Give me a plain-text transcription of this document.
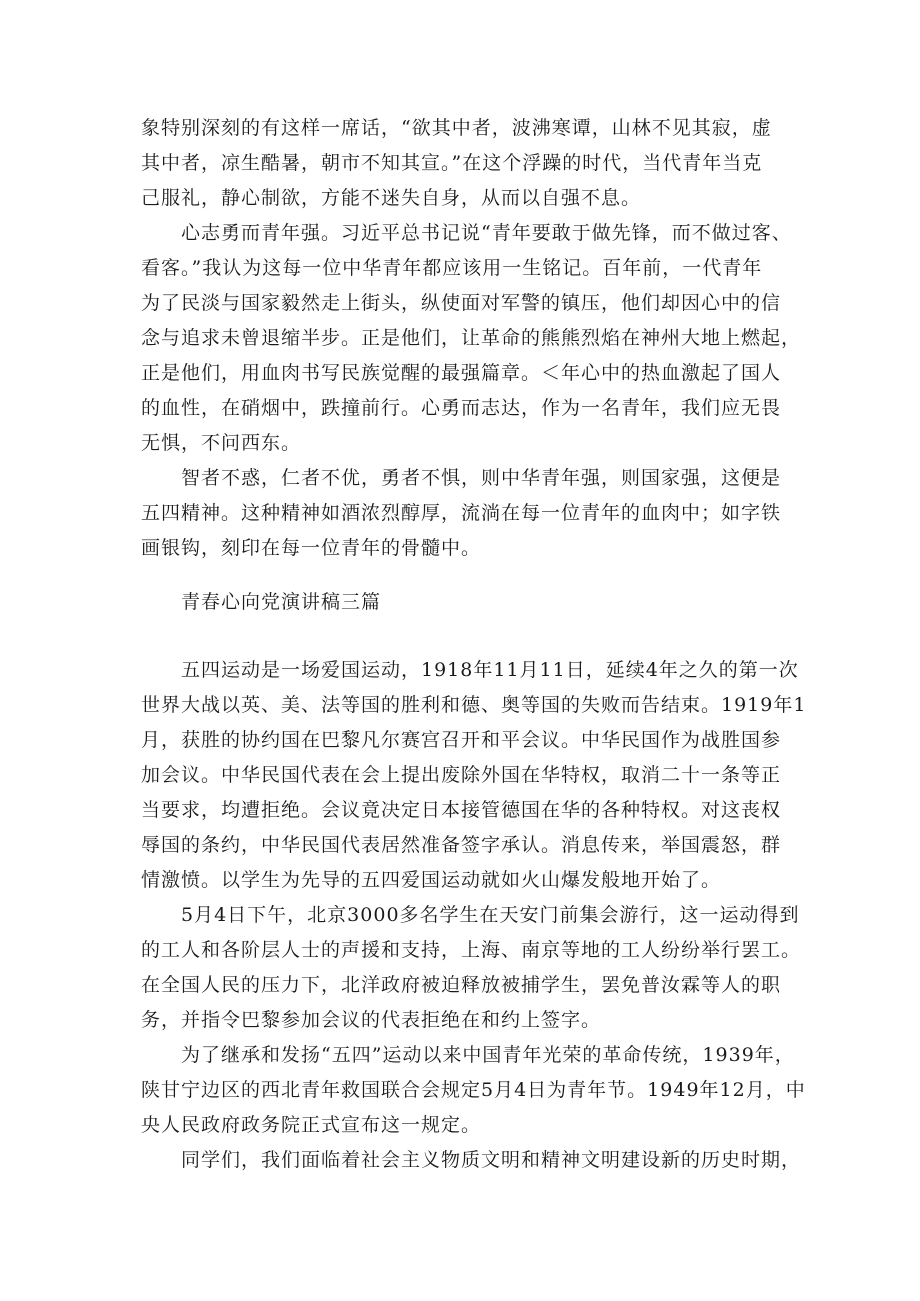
象特别深刻的有这样一席话，“欲其中者，波沸寒谭，山林不见其寂，虚

其中者，凉生酷暑，朝市不知其宣。”在这个浮躁的时代，当代青年当克

己服礼，静心制欲，方能不迷失自身，从而以自强不息。

　　心志勇而青年强。习近平总书记说“青年要敢于做先锋，而不做过客、

看客。”我认为这每一位中华青年都应该用一生铭记。百年前，一代青年

为了民淡与国家毅然走上街头，纵使面对军警的镇压，他们却因心中的信

念与追求未曾退缩半步。正是他们，让革命的熊熊烈焰在神州大地上燃起，

正是他们，用血肉书写民族觉醒的最强篇章。＜年心中的热血激起了国人

的血性，在硝烟中，跌撞前行。心勇而志达，作为一名青年，我们应无畏

无惧，不问西东。

　　智者不惑，仁者不优，勇者不惧，则中华青年强，则国家强，这便是

五四精神。这种精神如酒浓烈醇厚，流淌在每一位青年的血肉中；如字铁

画银钩，刻印在每一位青年的骨髓中。

青春心向党演讲稿三篇

　　五四运动是一场爱国运动，1918年11月11日，延续4年之久的第一次

世界大战以英、美、法等国的胜利和德、奥等国的失败而告结束。1919年1

月，获胜的协约国在巴黎凡尔赛宫召开和平会议。中华民国作为战胜国参

加会议。中华民国代表在会上提出废除外国在华特权，取消二十一条等正

当要求，均遭拒绝。会议竟决定日本接管德国在华的各种特权。对这丧权

辱国的条约，中华民国代表居然准备签字承认。消息传来，举国震怒，群

情激愤。以学生为先导的五四爱国运动就如火山爆发般地开始了。

　　5月4日下午，北京3000多名学生在天安门前集会游行，这一运动得到

的工人和各阶层人士的声援和支持，上海、南京等地的工人纷纷举行罢工。

在全国人民的压力下，北洋政府被迫释放被捕学生，罢免普汝霖等人的职

务，并指令巴黎参加会议的代表拒绝在和约上签字。

　　为了继承和发扬“五四”运动以来中国青年光荣的革命传统，1939年，

陕甘宁边区的西北青年救国联合会规定5月4日为青年节。1949年12月，中

央人民政府政务院正式宣布这一规定。

　　同学们，我们面临着社会主义物质文明和精神文明建设新的历史时期，
